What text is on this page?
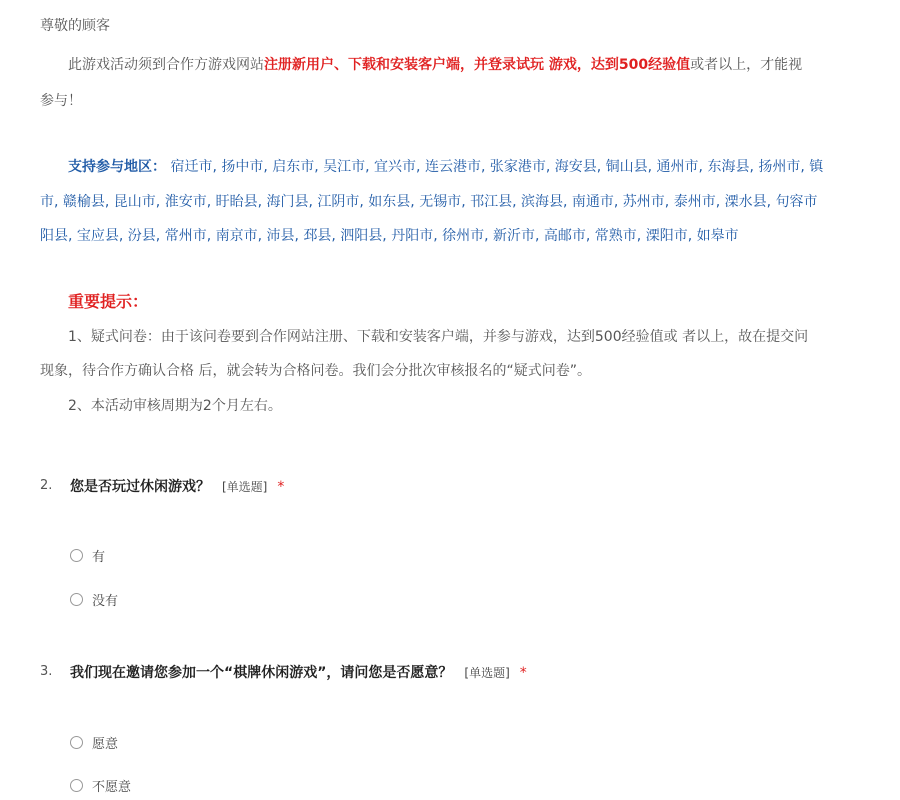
尊敬的顾客
此游戏活动须到合作方游戏网站注册新用户、下载和安装客户端，并登录试玩 游戏，达到500经验值或者以上，才能视
参与！
支持参与地区： 宿迁市, 扬中市, 启东市, 吴江市, 宜兴市, 连云港市, 张家港市, 海安县, 铜山县, 通州市, 东海县, 扬州市, 镇
市, 赣榆县, 昆山市, 淮安市, 盱眙县, 海门县, 江阴市, 如东县, 无锡市, 邗江县, 滨海县, 南通市, 苏州市, 泰州市, 溧水县, 句容市
阳县, 宝应县, 汾县, 常州市, 南京市, 沛县, 邳县, 泗阳县, 丹阳市, 徐州市, 新沂市, 高邮市, 常熟市, 溧阳市, 如皋市
重要提示：
1、疑式问卷：由于该问卷要到合作网站注册、下载和安装客户端，并参与游戏，达到500经验值或 者以上，故在提交问
现象，待合作方确认合格 后，就会转为合格问卷。我们会分批次审核报名的“疑式问卷”。
2、本活动审核周期为2个月左右。
2. 您是否玩过休闲游戏？ [单选题] *
有
没有
3. 我们现在邀请您参加一个“棋牌休闲游戏”，请问您是否愿意？ [单选题] *
愿意
不愿意
